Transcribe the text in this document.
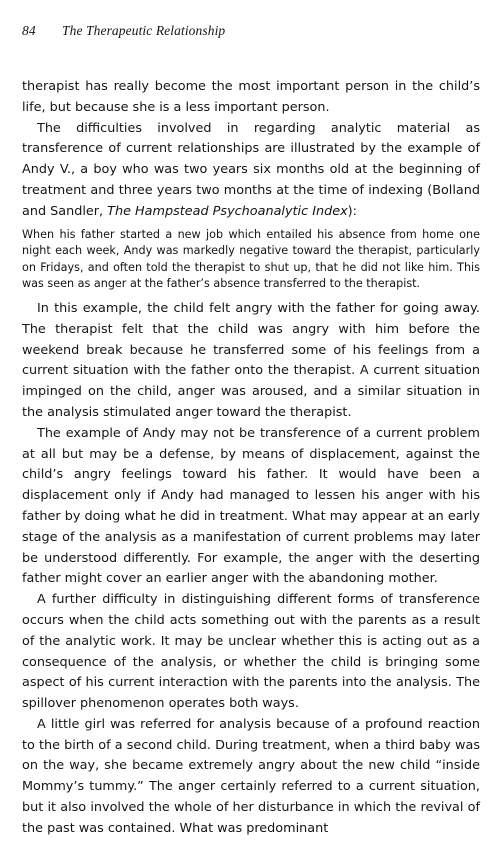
84 The Therapeutic Relationship

therapist has really become the most important person in the child’s life, but because she is a less important person.

The difficulties involved in regarding analytic material as transference of current relationships are illustrated by the example of Andy V., a boy who was two years six months old at the beginning of treatment and three years two months at the time of indexing (Bolland and Sandler, The Hampstead Psychoanalytic Index):

When his father started a new job which entailed his absence from home one night each week, Andy was markedly negative toward the therapist, particularly on Fridays, and often told the therapist to shut up, that he did not like him. This was seen as anger at the father’s absence transferred to the therapist.

In this example, the child felt angry with the father for going away. The therapist felt that the child was angry with him before the weekend break because he transferred some of his feelings from a current situation with the father onto the therapist. A current situation impinged on the child, anger was aroused, and a similar situation in the analysis stimulated anger toward the therapist.

The example of Andy may not be transference of a current problem at all but may be a defense, by means of displacement, against the child’s angry feelings toward his father. It would have been a displacement only if Andy had managed to lessen his anger with his father by doing what he did in treatment. What may appear at an early stage of the analysis as a manifestation of current problems may later be understood differently. For example, the anger with the deserting father might cover an earlier anger with the abandoning mother.

A further difficulty in distinguishing different forms of transference occurs when the child acts something out with the parents as a result of the analytic work. It may be unclear whether this is acting out as a consequence of the analysis, or whether the child is bringing some aspect of his current interaction with the parents into the analysis. The spillover phenomenon operates both ways.

A little girl was referred for analysis because of a profound reaction to the birth of a second child. During treatment, when a third baby was on the way, she became extremely angry about the new child “inside Mommy’s tummy.” The anger certainly referred to a current situation, but it also involved the whole of her disturbance in which the revival of the past was contained. What was predominant
